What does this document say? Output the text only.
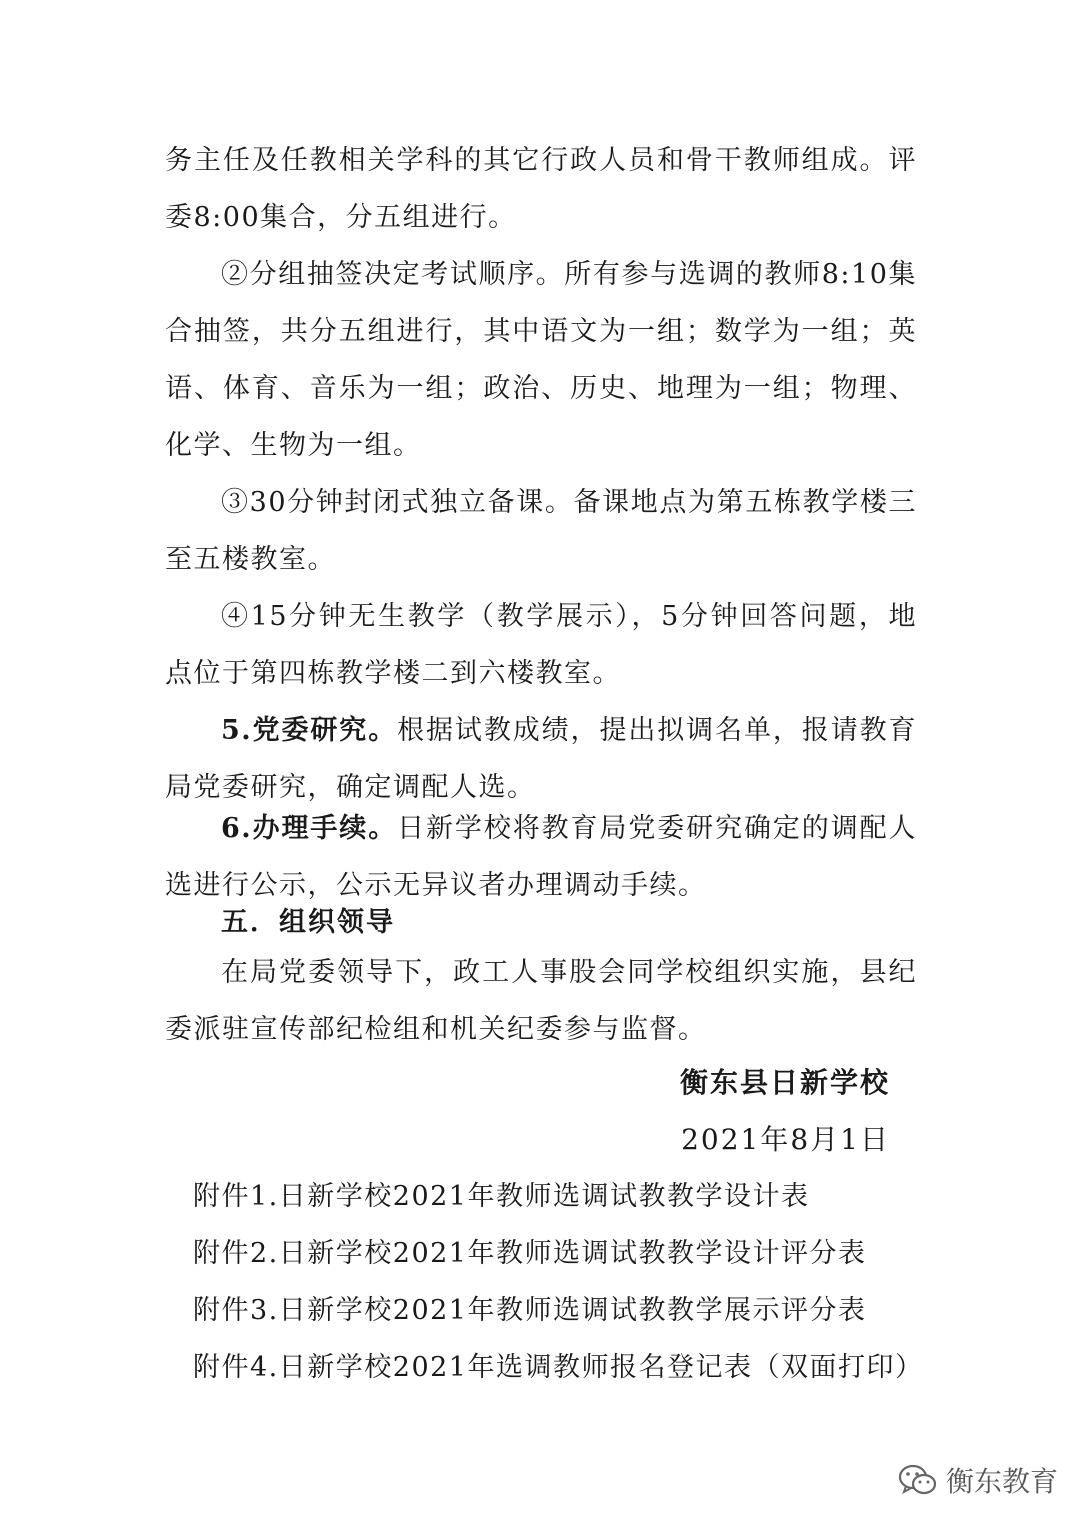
务主任及任教相关学科的其它行政人员和骨干教师组成。评委8:00集合，分五组进行。

②分组抽签决定考试顺序。所有参与选调的教师8:10集合抽签，共分五组进行，其中语文为一组；数学为一组；英语、体育、音乐为一组；政治、历史、地理为一组；物理、化学、生物为一组。

③30分钟封闭式独立备课。备课地点为第五栋教学楼三至五楼教室。

④15分钟无生教学（教学展示），5分钟回答问题，地点位于第四栋教学楼二到六楼教室。

5.党委研究。根据试教成绩，提出拟调名单，报请教育局党委研究，确定调配人选。

6.办理手续。日新学校将教育局党委研究确定的调配人选进行公示，公示无异议者办理调动手续。

五．组织领导

在局党委领导下，政工人事股会同学校组织实施，县纪委派驻宣传部纪检组和机关纪委参与监督。

衡东县日新学校

2021年8月1日

附件1.日新学校2021年教师选调试教教学设计表

附件2.日新学校2021年教师选调试教教学设计评分表

附件3.日新学校2021年教师选调试教教学展示评分表

附件4.日新学校2021年选调教师报名登记表（双面打印）

衡东教育
